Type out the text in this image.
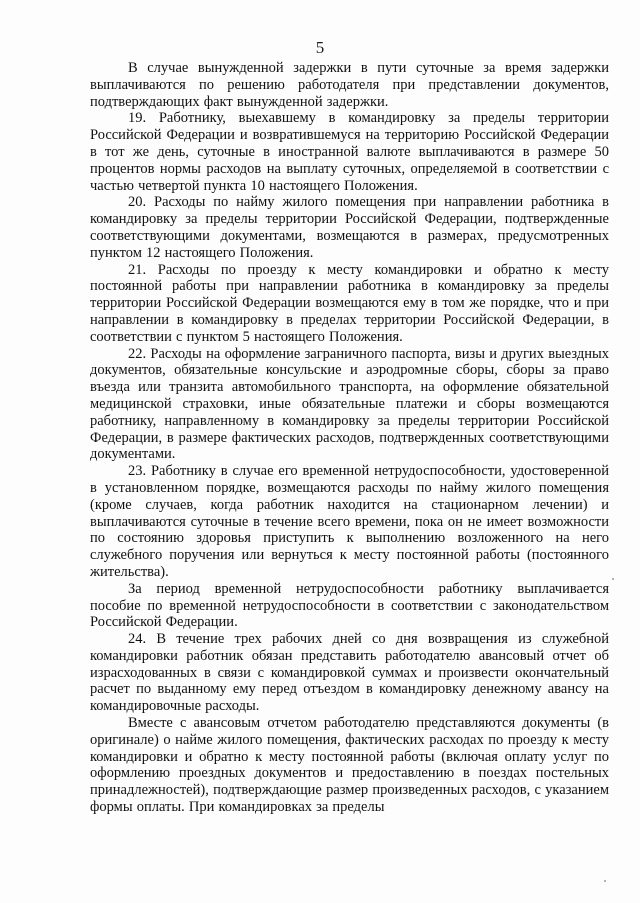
5

В случае вынужденной задержки в пути суточные за время задержки выплачиваются по решению работодателя при представлении документов, подтверждающих факт вынужденной задержки.

19. Работнику, выехавшему в командировку за пределы территории Российской Федерации и возвратившемуся на территорию Российской Федерации в тот же день, суточные в иностранной валюте выплачиваются в размере 50 процентов нормы расходов на выплату суточных, определяемой в соответствии с частью четвертой пункта 10 настоящего Положения.

20. Расходы по найму жилого помещения при направлении работника в командировку за пределы территории Российской Федерации, подтвержденные соответствующими документами, возмещаются в размерах, предусмотренных пунктом 12 настоящего Положения.

21. Расходы по проезду к месту командировки и обратно к месту постоянной работы при направлении работника в командировку за пределы территории Российской Федерации возмещаются ему в том же порядке, что и при направлении в командировку в пределах территории Российской Федерации, в соответствии с пунктом 5 настоящего Положения.

22. Расходы на оформление заграничного паспорта, визы и других выездных документов, обязательные консульские и аэродромные сборы, сборы за право въезда или транзита автомобильного транспорта, на оформление обязательной медицинской страховки, иные обязательные платежи и сборы возмещаются работнику, направленному в командировку за пределы территории Российской Федерации, в размере фактических расходов, подтвержденных соответствующими документами.

23. Работнику в случае его временной нетрудоспособности, удостоверенной в установленном порядке, возмещаются расходы по найму жилого помещения (кроме случаев, когда работник находится на стационарном лечении) и выплачиваются суточные в течение всего времени, пока он не имеет возможности по состоянию здоровья приступить к выполнению возложенного на него служебного поручения или вернуться к месту постоянной работы (постоянного жительства).

За период временной нетрудоспособности работнику выплачивается пособие по временной нетрудоспособности в соответствии с законодательством Российской Федерации.

24. В течение трех рабочих дней со дня возвращения из служебной командировки работник обязан представить работодателю авансовый отчет об израсходованных в связи с командировкой суммах и произвести окончательный расчет по выданному ему перед отъездом в командировку денежному авансу на командировочные расходы.

Вместе с авансовым отчетом работодателю представляются документы (в оригинале) о найме жилого помещения, фактических расходах по проезду к месту командировки и обратно к месту постоянной работы (включая оплату услуг по оформлению проездных документов и предоставлению в поездах постельных принадлежностей), подтверждающие размер произведенных расходов, с указанием формы оплаты. При командировках за пределы
